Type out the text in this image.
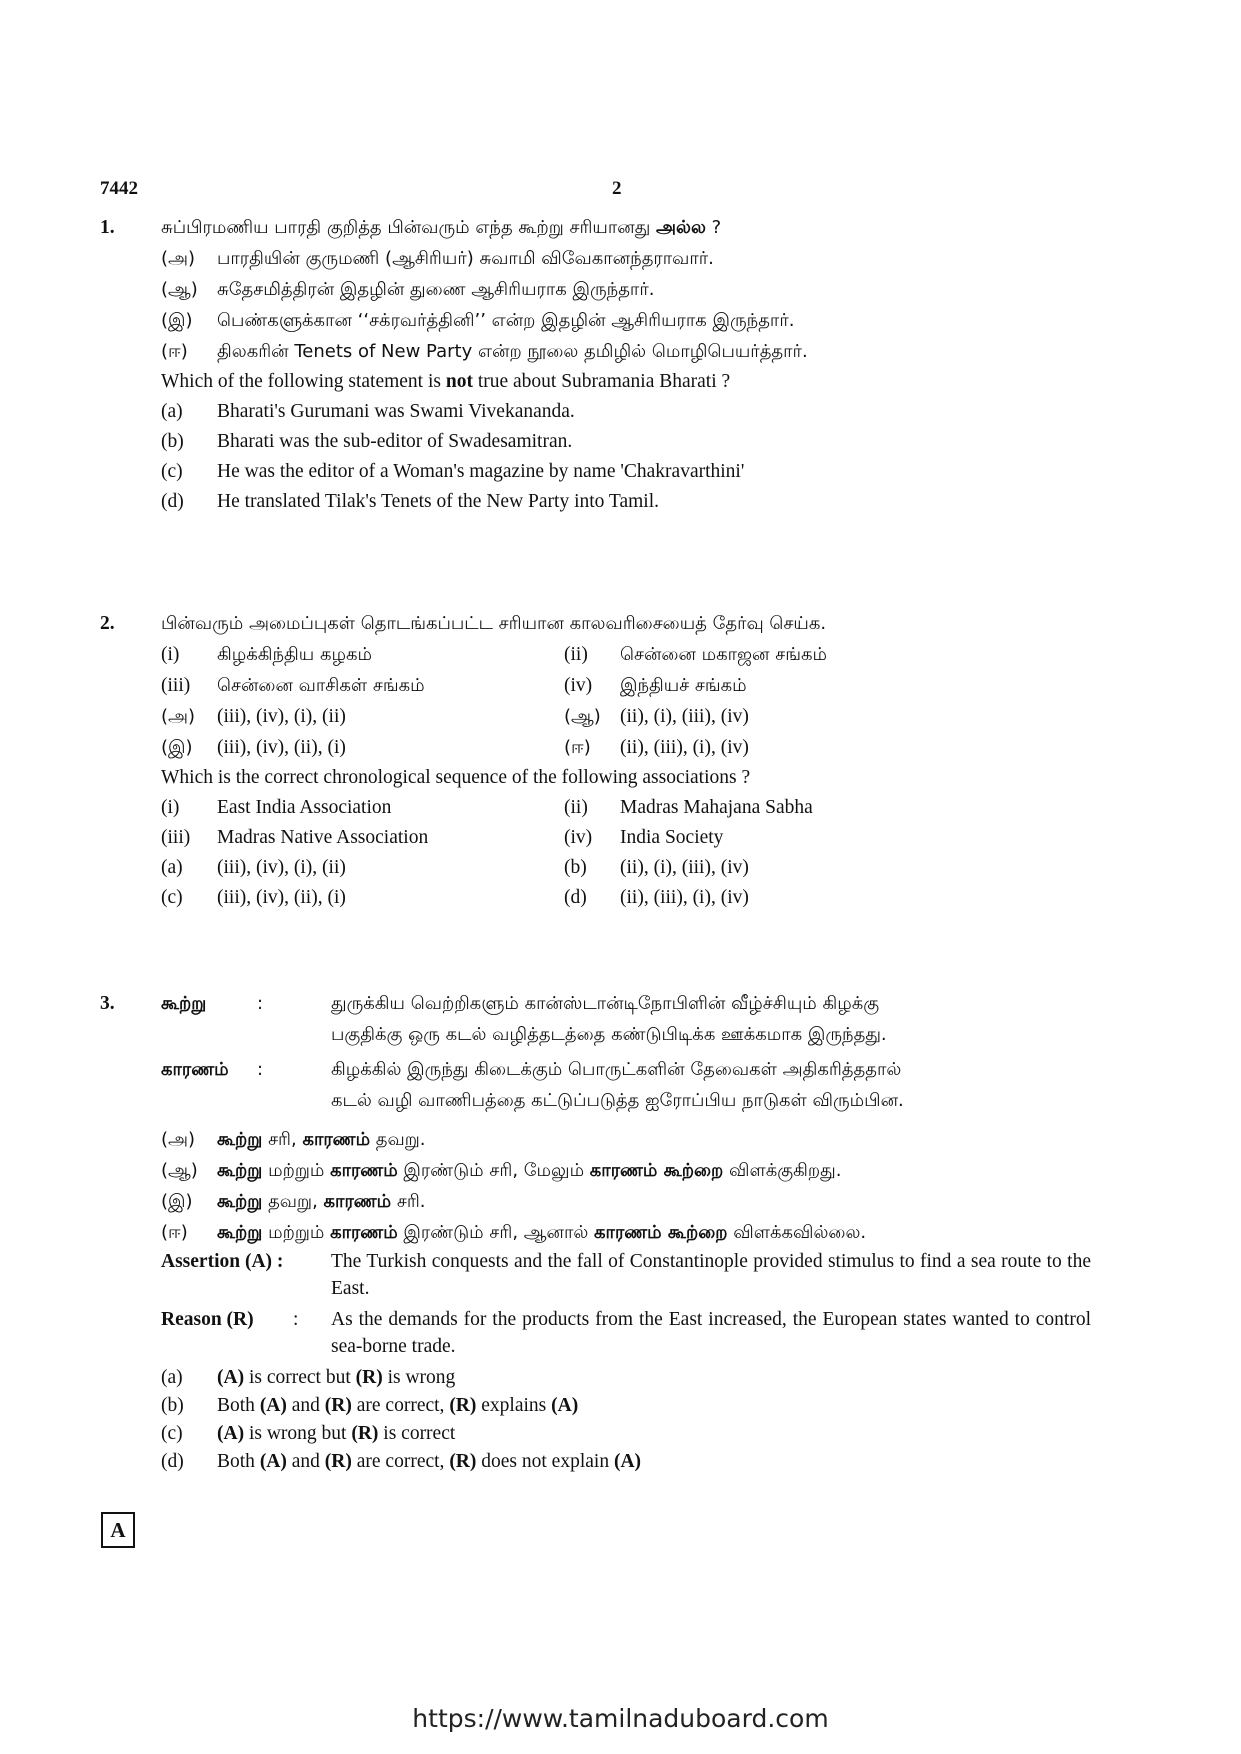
7442	2
1.	சுப்பிரமணிய பாரதி குறித்த பின்வரும் எந்த கூற்று சரியானது அல்ல ?
(அ) பாரதியின் குருமணி (ஆசிரியர்) சுவாமி விவேகானந்தராவார்.
(ஆ) சுதேசமித்திரன் இதழின் துணை ஆசிரியராக இருந்தார்.
(இ) பெண்களுக்கான ‘‘சக்ரவர்த்தினி’’ என்ற இதழின் ஆசிரியராக இருந்தார்.
(ஈ) திலகரின் Tenets of New Party என்ற நூலை தமிழில் மொழிபெயர்த்தார்.
Which of the following statement is not true about Subramania Bharati ?
(a) Bharati's Gurumani was Swami Vivekananda.
(b) Bharati was the sub-editor of Swadesamitran.
(c) He was the editor of a Woman's magazine by name 'Chakravarthini'
(d) He translated Tilak's Tenets of the New Party into Tamil.
2.	பின்வரும் அமைப்புகள் தொடங்கப்பட்ட சரியான காலவரிசையைத் தேர்வு செய்க.
(i) கிழக்கிந்திய கழகம்	(ii) சென்னை மகாஜன சங்கம்
(iii) சென்னை வாசிகள் சங்கம்	(iv) இந்தியச் சங்கம்
(அ) (iii), (iv), (i), (ii)	(ஆ) (ii), (i), (iii), (iv)
(இ) (iii), (iv), (ii), (i)	(ஈ) (ii), (iii), (i), (iv)
Which is the correct chronological sequence of the following associations ?
(i) East India Association	(ii) Madras Mahajana Sabha
(iii) Madras Native Association	(iv) India Society
(a) (iii), (iv), (i), (ii)	(b) (ii), (i), (iii), (iv)
(c) (iii), (iv), (ii), (i)	(d) (ii), (iii), (i), (iv)
3.	கூற்று	:	துருக்கிய வெற்றிகளும் கான்ஸ்டான்டிநோபிளின் வீழ்ச்சியும் கிழக்கு
பகுதிக்கு ஒரு கடல் வழித்தடத்தை கண்டுபிடிக்க ஊக்கமாக இருந்தது.
காரணம் :	கிழக்கில் இருந்து கிடைக்கும் பொருட்களின் தேவைகள் அதிகரித்ததால்
கடல் வழி வாணிபத்தை கட்டுப்படுத்த ஐரோப்பிய நாடுகள் விரும்பின.
(அ) கூற்று சரி, காரணம் தவறு.
(ஆ) கூற்று மற்றும் காரணம் இரண்டும் சரி, மேலும் காரணம் கூற்றை விளக்குகிறது.
(இ) கூற்று தவறு, காரணம் சரி.
(ஈ) கூற்று மற்றும் காரணம் இரண்டும் சரி, ஆனால் காரணம் கூற்றை விளக்கவில்லை.
Assertion (A) : The Turkish conquests and the fall of Constantinople provided stimulus to find a sea route to the East.
Reason (R) : As the demands for the products from the East increased, the European states wanted to control sea-borne trade.
(a) (A) is correct but (R) is wrong
(b) Both (A) and (R) are correct, (R) explains (A)
(c) (A) is wrong but (R) is correct
(d) Both (A) and (R) are correct, (R) does not explain (A)
A
https://www.tamilnaduboard.com
